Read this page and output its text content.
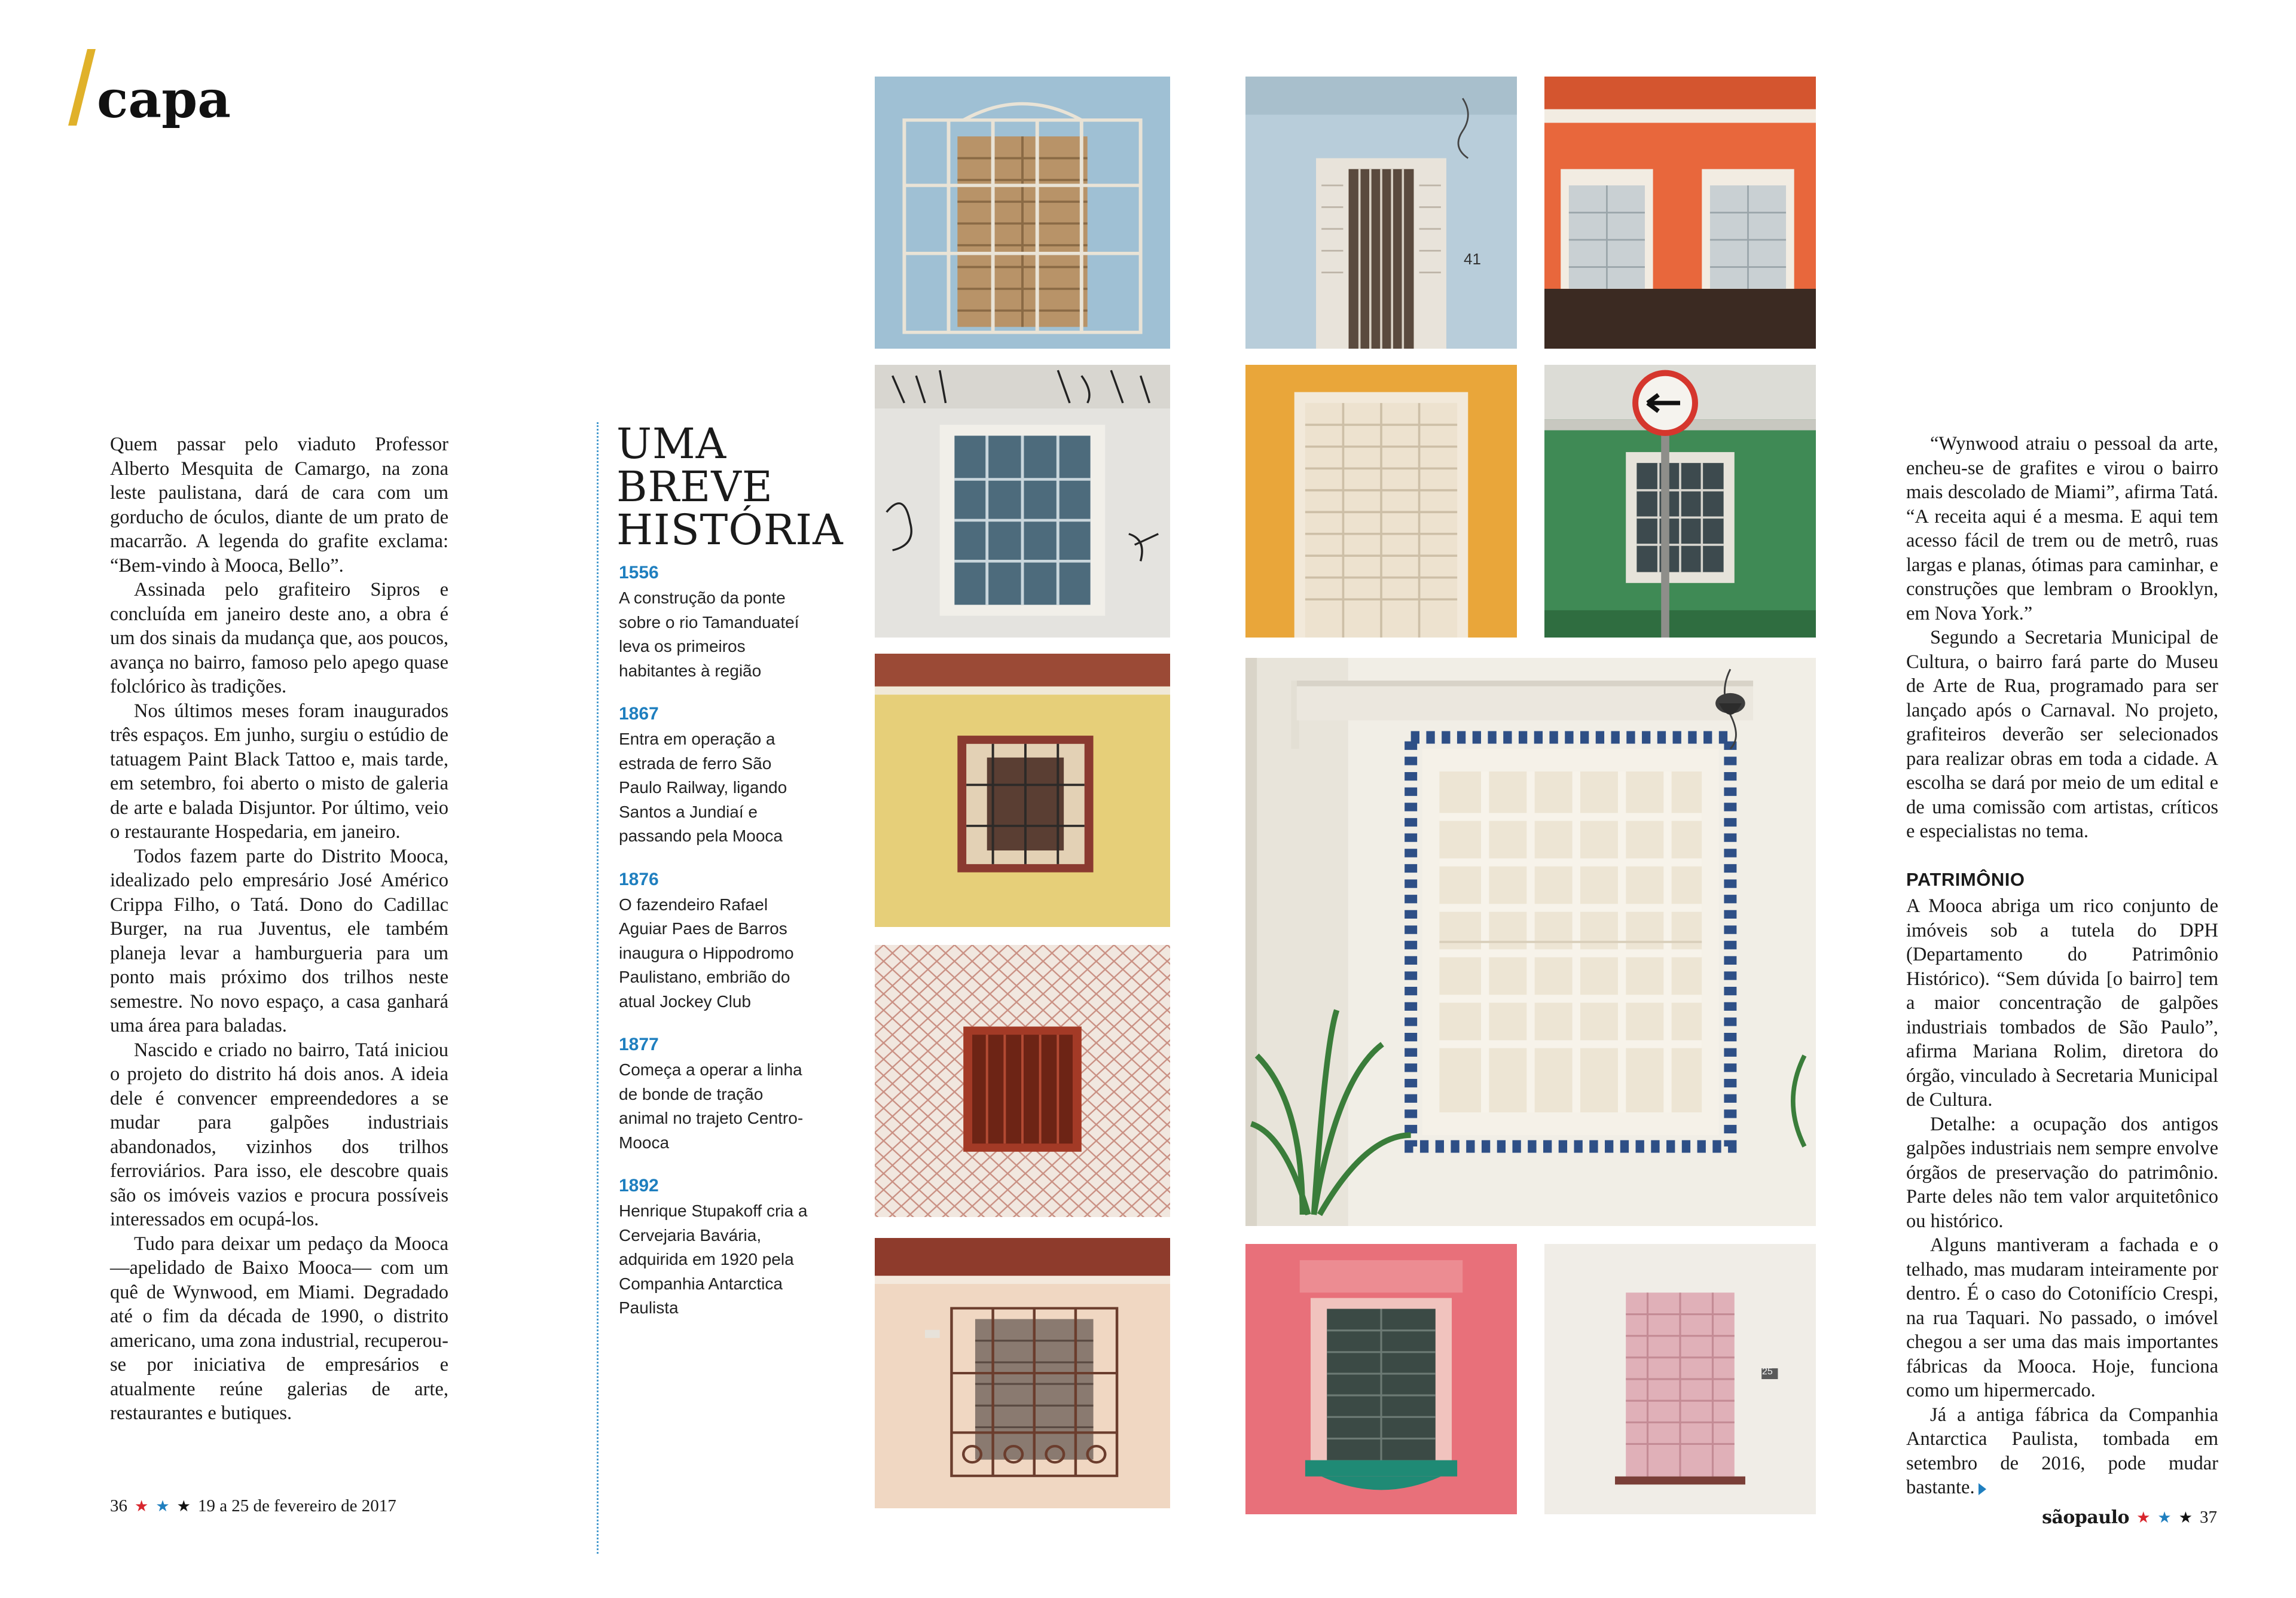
capa

Quem passar pelo viaduto Professor Alberto Mesquita de Camargo, na zona leste paulistana, dará de cara com um gorducho de óculos, diante de um prato de macarrão. A legenda do grafite exclama: “Bem-vindo à Mooca, Bello”.

Assinada pelo grafiteiro Sipros e concluída em janeiro deste ano, a obra é um dos sinais da mudança que, aos poucos, avança no bairro, famoso pelo apego quase folclórico às tradições.

Nos últimos meses foram inaugurados três espaços. Em junho, surgiu o estúdio de tatuagem Paint Black Tattoo e, mais tarde, em setembro, foi aberto o misto de galeria de arte e balada Disjuntor. Por último, veio o restaurante Hospedaria, em janeiro.

Todos fazem parte do Distrito Mooca, idealizado pelo empresário José Américo Crippa Filho, o Tatá. Dono do Cadillac Burger, na rua Juventus, ele também planeja levar a hamburgueria para um ponto mais próximo dos trilhos neste semestre. No novo espaço, a casa ganhará uma área para baladas.

Nascido e criado no bairro, Tatá iniciou o projeto do distrito há dois anos. A ideia dele é convencer empreendedores a se mudar para galpões industriais abandonados, vizinhos dos trilhos ferroviários. Para isso, ele descobre quais são os imóveis vazios e procura possíveis interessados em ocupá-los.

Tudo para deixar um pedaço da Mooca —apelidado de Baixo Mooca— com um quê de Wynwood, em Miami. Degradado até o fim da década de 1990, o distrito americano, uma zona industrial, recuperou-se por iniciativa de empresários e atualmente reúne galerias de arte, restaurantes e butiques.

UMA BREVE HISTÓRIA
1556
A construção da ponte sobre o rio Tamanduateí leva os primeiros habitantes à região
1867
Entra em operação a estrada de ferro São Paulo Railway, ligando Santos a Jundiaí e passando pela Mooca
1876
O fazendeiro Rafael Aguiar Paes de Barros inaugura o Hippodromo Paulistano, embrião do atual Jockey Club
1877
Começa a operar a linha de bonde de tração animal no trajeto Centro-Mooca
1892
Henrique Stupakoff cria a Cervejaria Bavária, adquirida em 1920 pela Companhia Antarctica Paulista
41
25

“Wynwood atraiu o pessoal da arte, encheu-se de grafites e virou o bairro mais descolado de Miami”, afirma Tatá. “A receita aqui é a mesma. E aqui tem acesso fácil de trem ou de metrô, ruas largas e planas, ótimas para caminhar, e construções que lembram o Brooklyn, em Nova York.”

Segundo a Secretaria Municipal de Cultura, o bairro fará parte do Museu de Arte de Rua, programado para ser lançado após o Carnaval. No projeto, grafiteiros deverão ser selecionados para realizar obras em toda a cidade. A escolha se dará por meio de um edital e de uma comissão com artistas, críticos e especialistas no tema.

PATRIMÔNIO

A Mooca abriga um rico conjunto de imóveis sob a tutela do DPH (Departamento do Patrimônio Histórico). “Sem dúvida [o bairro] tem a maior concentração de galpões industriais tombados de São Paulo”, afirma Mariana Rolim, diretora do órgão, vinculado à Secretaria Municipal de Cultura.

Detalhe: a ocupação dos antigos galpões industriais nem sempre envolve órgãos de preservação do patrimônio. Parte deles não tem valor arquitetônico ou histórico.

Alguns mantiveram a fachada e o telhado, mas mudaram inteiramente por dentro. É o caso do Cotonifício Crespi, na rua Taquari. No passado, o imóvel chegou a ser uma das mais importantes fábricas da Mooca. Hoje, funciona como um hipermercado.

Já a antiga fábrica da Companhia Antarctica Paulista, tombada em setembro de 2016, pode mudar bastante.

36 ★ ★ ★ 19 a 25 de fevereiro de 2017
sãopaulo ★ ★ ★ 37
